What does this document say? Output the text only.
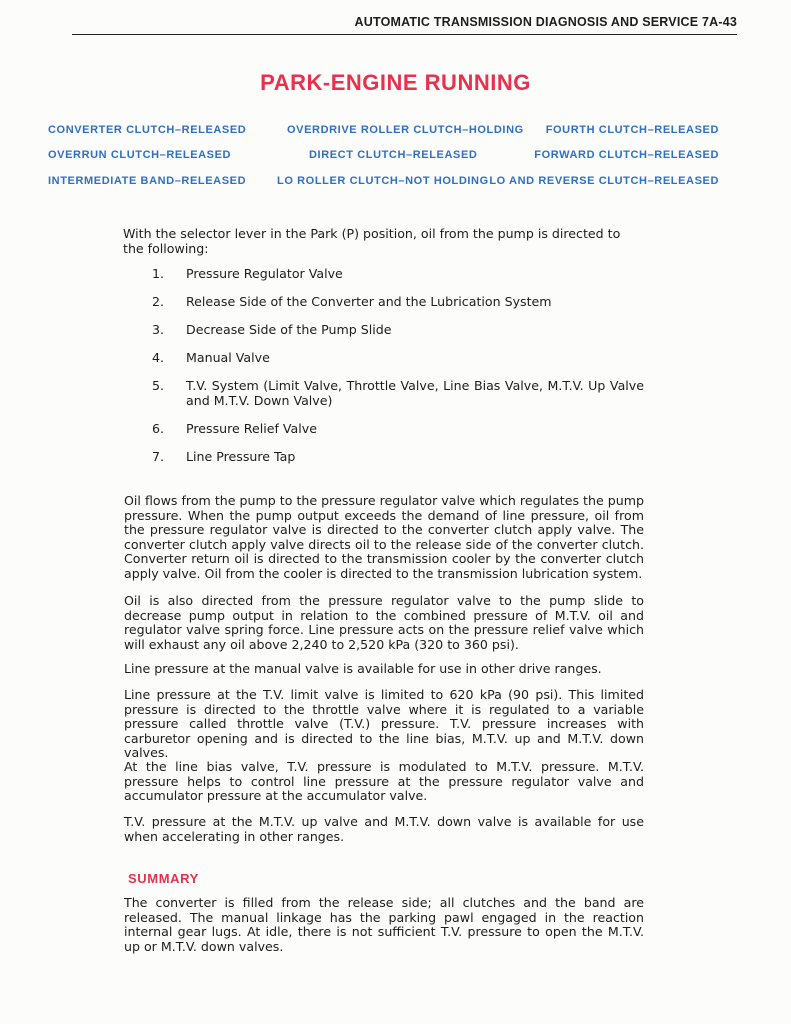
AUTOMATIC TRANSMISSION DIAGNOSIS AND SERVICE 7A-43
PARK-ENGINE RUNNING
CONVERTER CLUTCH–RELEASED
OVERRUN CLUTCH–RELEASED
INTERMEDIATE BAND–RELEASED
OVERDRIVE ROLLER CLUTCH–HOLDING
DIRECT CLUTCH–RELEASED
LO ROLLER CLUTCH–NOT HOLDING
FOURTH CLUTCH–RELEASED
FORWARD CLUTCH–RELEASED
LO AND REVERSE CLUTCH–RELEASED
With the selector lever in the Park (P) position, oil from the pump is directed to the following:
1. Pressure Regulator Valve
2. Release Side of the Converter and the Lubrication System
3. Decrease Side of the Pump Slide
4. Manual Valve
5. T.V. System (Limit Valve, Throttle Valve, Line Bias Valve, M.T.V. Up Valve and M.T.V. Down Valve)
6. Pressure Relief Valve
7. Line Pressure Tap
Oil flows from the pump to the pressure regulator valve which regulates the pump pressure. When the pump output exceeds the demand of line pressure, oil from the pressure regulator valve is directed to the converter clutch apply valve. The converter clutch apply valve directs oil to the release side of the converter clutch. Converter return oil is directed to the transmission cooler by the converter clutch apply valve. Oil from the cooler is directed to the transmission lubrication system.
Oil is also directed from the pressure regulator valve to the pump slide to decrease pump output in relation to the combined pressure of M.T.V. oil and regulator valve spring force. Line pressure acts on the pressure relief valve which will exhaust any oil above 2,240 to 2,520 kPa (320 to 360 psi).
Line pressure at the manual valve is available for use in other drive ranges.
Line pressure at the T.V. limit valve is limited to 620 kPa (90 psi). This limited pressure is directed to the throttle valve where it is regulated to a variable pressure called throttle valve (T.V.) pressure. T.V. pressure increases with carburetor opening and is directed to the line bias, M.T.V. up and M.T.V. down valves.
At the line bias valve, T.V. pressure is modulated to M.T.V. pressure. M.T.V. pressure helps to control line pressure at the pressure regulator valve and accumulator pressure at the accumulator valve.
T.V. pressure at the M.T.V. up valve and M.T.V. down valve is available for use when accelerating in other ranges.
SUMMARY
The converter is filled from the release side; all clutches and the band are released. The manual linkage has the parking pawl engaged in the reaction internal gear lugs. At idle, there is not sufficient T.V. pressure to open the M.T.V. up or M.T.V. down valves.
